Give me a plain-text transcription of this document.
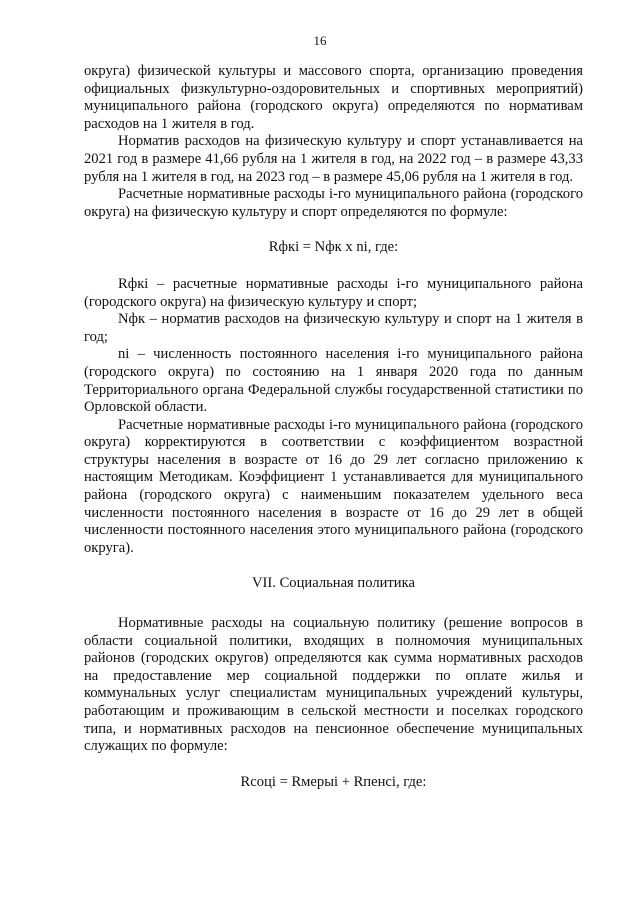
16

округа) физической культуры и массового спорта, организацию проведения официальных физкультурно-оздоровительных и спортивных мероприятий) муниципального района (городского округа) определяются по нормативам расходов на 1 жителя в год.

Норматив расходов на физическую культуру и спорт устанавливается на 2021 год в размере 41,66 рубля на 1 жителя в год, на 2022 год – в размере 43,33 рубля на 1 жителя в год, на 2023 год – в размере 45,06 рубля на 1 жителя в год.

Расчетные нормативные расходы i-го муниципального района (городского округа) на физическую культуру и спорт определяются по формуле:

Rфкi = Nфк x ni, где:

Rфкi – расчетные нормативные расходы i-го муниципального района (городского округа) на физическую культуру и спорт;

Nфк – норматив расходов на физическую культуру и спорт на 1 жителя в год;

ni – численность постоянного населения i-го муниципального района (городского округа) по состоянию на 1 января 2020 года по данным Территориального органа Федеральной службы государственной статистики по Орловской области.

Расчетные нормативные расходы i-го муниципального района (городского округа) корректируются в соответствии с коэффициентом возрастной структуры населения в возрасте от 16 до 29 лет согласно приложению к настоящим Методикам. Коэффициент 1 устанавливается для муниципального района (городского округа) с наименьшим показателем удельного веса численности постоянного населения в возрасте от 16 до 29 лет в общей численности постоянного населения этого муниципального района (городского округа).

VII. Социальная политика

Нормативные расходы на социальную политику (решение вопросов в области социальной политики, входящих в полномочия муниципальных районов (городских округов) определяются как сумма нормативных расходов на предоставление мер социальной поддержки по оплате жилья и коммунальных услуг специалистам муниципальных учреждений культуры, работающим и проживающим в сельской местности и поселках городского типа, и нормативных расходов на пенсионное обеспечение муниципальных служащих по формуле:

Rсоцi = Rмерыi + Rпенсi, где:
